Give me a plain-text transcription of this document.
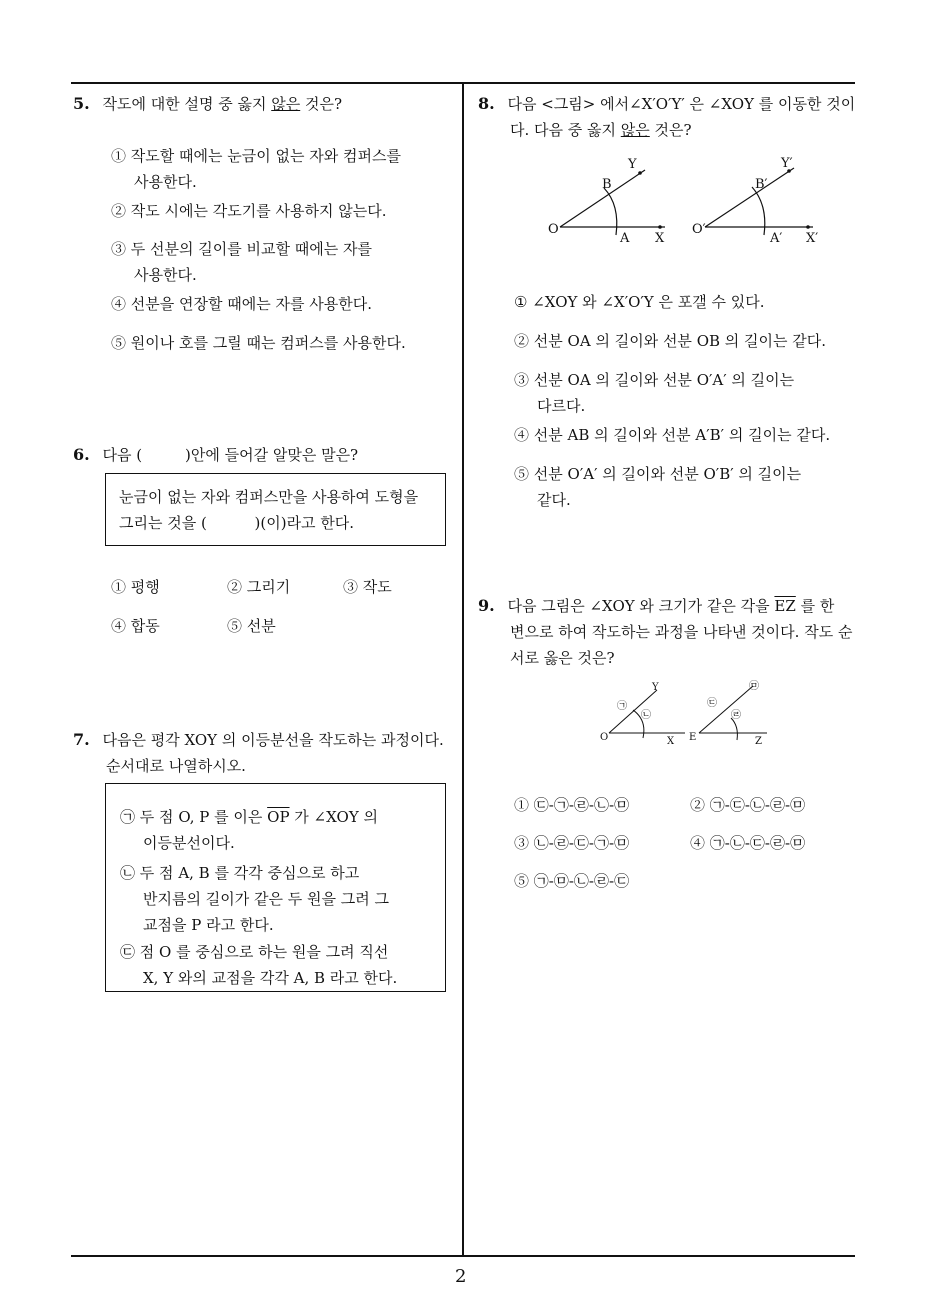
2
5. 작도에 대한 설명 중 옳지 않은 것은?
① 작도할 때에는 눈금이 없는 자와 컴퍼스를
사용한다.
② 작도 시에는 각도기를 사용하지 않는다.
③ 두 선분의 길이를 비교할 때에는 자를
사용한다.
④ 선분을 연장할 때에는 자를 사용한다.
⑤ 원이나 호를 그릴 때는 컴퍼스를 사용한다.
6. 다음 (         )안에 들어갈 알맞은 말은?
눈금이 없는 자와 컴퍼스만을 사용하여 도형을
그리는 것을 (          )(이)라고 한다.
① 평행	② 그리기	③ 작도
④ 합동	⑤ 선분
7. 다음은 평각 XOY 의 이등분선을 작도하는 과정이다.
순서대로 나열하시오.
㉠ 두 점 O, P 를 이은 $\overline{OP}$ 가 ∠XOY 의
이등분선이다.
㉡ 두 점 A, B 를 각각 중심으로 하고
반지름의 길이가 같은 두 원을 그려 그
교점을 P 라고 한다.
㉢ 점 O 를 중심으로 하는 원을 그려 직선
X, Y 와의 교점을 각각 A, B 라고 한다.
8. 다음 <그림> 에서∠X′O′Y′ 은 ∠XOY 를 이동한 것이
다. 다음 중 옳지 않은 것은?
O
A
B
X
Y
O′
A′
B′
X′
Y′
① ∠XOY 와 ∠X′O′Y 은 포갤 수 있다.
② 선분 OA 의 길이와 선분 OB 의 길이는 같다.
③ 선분 OA 의 길이와 선분 O′A′ 의 길이는
다르다.
④ 선분 AB 의 길이와 선분 A′B′ 의 길이는 같다.
⑤ 선분 O′A′ 의 길이와 선분 O′B′ 의 길이는
같다.
9. 다음 그림은 ∠XOY 와 크기가 같은 각을 $\overline{EZ}$ 를 한
변으로 하여 작도하는 과정을 나타낸 것이다. 작도 순
서로 옳은 것은?
O	X
Y
㉠
㉡
E	Z
㉢
㉣
㉤
① ㉢-㉠-㉣-㉡-㉤	② ㉠-㉢-㉡-㉣-㉤
③ ㉡-㉣-㉢-㉠-㉤	④ ㉠-㉡-㉢-㉣-㉤
⑤ ㉠-㉤-㉡-㉣-㉢
